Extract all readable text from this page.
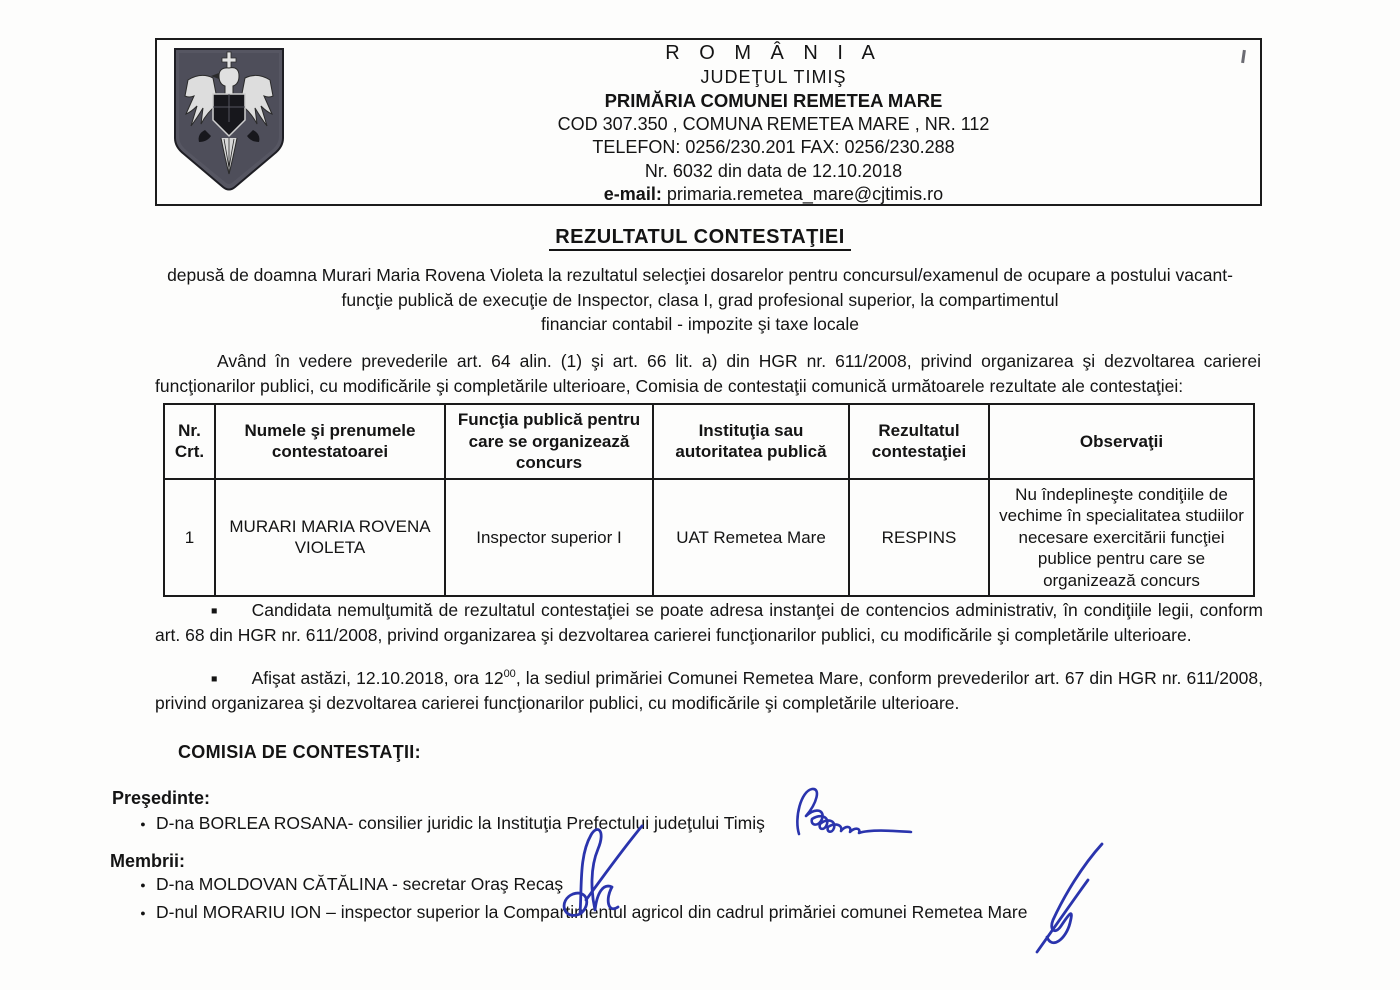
R O M Â N I A
JUDEŢUL TIMIŞ
PRIMĂRIA COMUNEI REMETEA MARE
COD 307.350 , COMUNA REMETEA MARE , NR. 112
TELEFON: 0256/230.201 FAX: 0256/230.288
Nr. 6032 din data de 12.10.2018
e-mail: primaria.remetea_mare@cjtimis.ro
REZULTATUL CONTESTAŢIEI
depusă de doamna Murari Maria Rovena Violeta la rezultatul selecţiei dosarelor pentru concursul/examenul de ocupare a postului vacant-
funcţie publică de execuţie de Inspector, clasa I, grad profesional superior, la compartimentul
financiar contabil - impozite şi taxe locale
Având în vedere prevederile art. 64 alin. (1) şi art. 66 lit. a) din HGR nr. 611/2008, privind organizarea şi dezvoltarea carierei funcţionarilor publici, cu modificările şi completările ulterioare, Comisia de contestaţii comunică următoarele rezultate ale contestaţiei:
Nr. Crt.	Numele şi prenumele contestatoarei	Funcţia publică pentru care se organizează concurs	Instituţia sau autoritatea publică	Rezultatul contestaţiei	Observaţii
1	MURARI MARIA ROVENA VIOLETA	Inspector superior I	UAT Remetea Mare	RESPINS	Nu îndeplineşte condiţiile de vechime în specialitatea studiilor necesare exercitării funcţiei publice pentru care se organizează concurs
■ Candidata nemulţumită de rezultatul contestaţiei se poate adresa instanţei de contencios administrativ, în condiţiile legii, conform art. 68 din HGR nr. 611/2008, privind organizarea şi dezvoltarea carierei funcţionarilor publici, cu modificările şi completările ulterioare.
■ Afişat astăzi, 12.10.2018, ora $12^{00}$, la sediul primăriei Comunei Remetea Mare, conform prevederilor art. 67 din HGR nr. 611/2008, privind organizarea şi dezvoltarea carierei funcţionarilor publici, cu modificările şi completările ulterioare.
COMISIA DE CONTESTAŢII:
Preşedinte:
● D-na BORLEA ROSANA- consilier juridic la Instituţia Prefectului judeţului Timiş
Membrii:
● D-na MOLDOVAN CĂTĂLINA - secretar Oraş Recaş
● D-nul MORARIU ION – inspector superior la Compartimentul agricol din cadrul primăriei comunei Remetea Mare
